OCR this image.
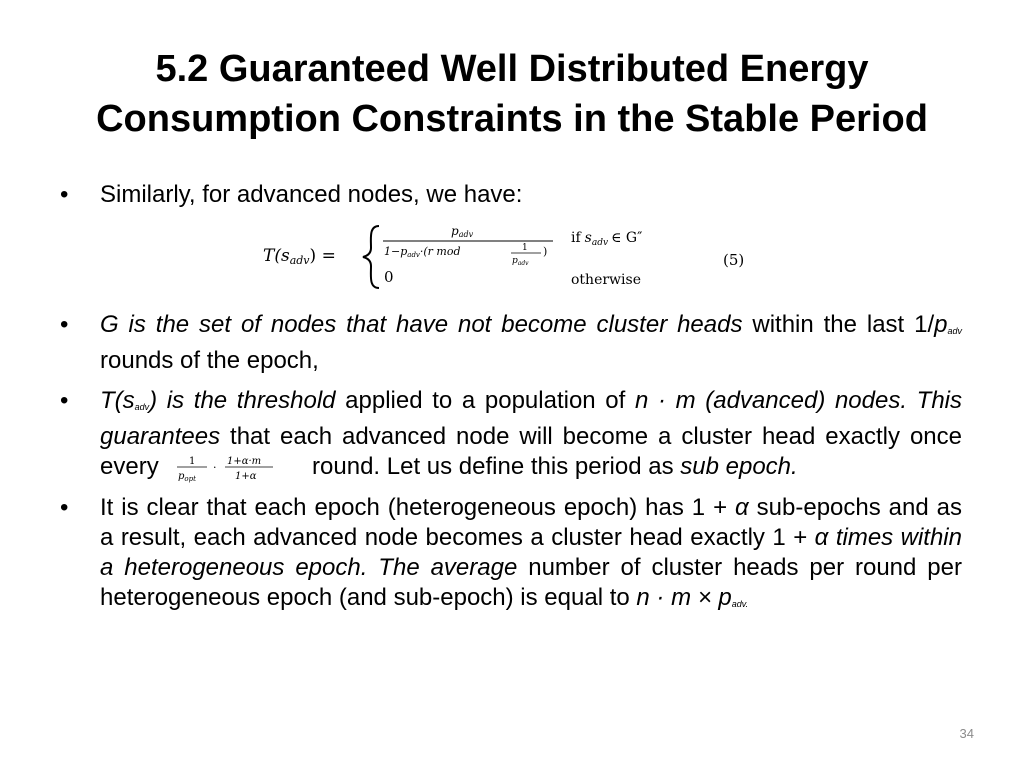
5.2 Guaranteed Well Distributed Energy
Consumption Constraints in the Stable Period
• Similarly, for advanced nodes, we have:
T(sadv) =
padv
1−padv·(r mod	1
$p_{adv}$
)
if $s_{adv}$ ∈ G″
0	otherwise
(5)
• G is the set of nodes that have not become cluster heads within the last $1/p_{adv}$ rounds of the epoch,
• $T(s_{adv})$ is the threshold applied to a population of n · m (advanced) nodes. This guarantees that each advanced node will become a cluster head exactly once every 1
$p_{opt}$
· 1+α·m
1+α round. Let us define this period as sub epoch.
• It is clear that each epoch (heterogeneous epoch) has 1 + α sub-epochs and as a result, each advanced node becomes a cluster head exactly 1 + α times within a heterogeneous epoch. The average number of cluster heads per round per heterogeneous epoch (and sub-epoch) is equal to $n \cdot m \times p_{adv.}$
34
